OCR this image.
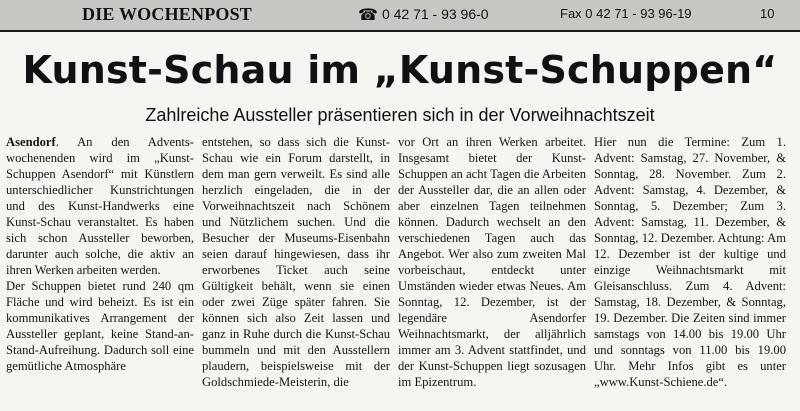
DIE WOCHENPOST	☎ 0 42 71 - 93 96-0	Fax 0 42 71 - 93 96-19	10
Kunst-Schau im „Kunst-Schuppen“
Zahlreiche Aussteller präsentieren sich in der Vorweihnachtszeit

Asendorf. An den Adventswochenenden wird im „Kunst-Schuppen Asendorf“ mit Künstlern unterschiedlicher Kunstrichtungen und des Kunst-Handwerks eine Kunst-Schau veranstaltet. Es haben sich schon Aussteller beworben, darunter auch solche, die aktiv an ihren Werken arbeiten werden.

Der Schuppen bietet rund 240 qm Fläche und wird beheizt. Es ist ein kommunikatives Arrangement der Aussteller geplant, keine Stand-an-Stand-Aufreihung. Dadurch soll eine gemütliche Atmosphäre

entstehen, so dass sich die Kunst-Schau wie ein Forum darstellt, in dem man gern verweilt. Es sind alle herzlich eingeladen, die in der Vorweihnachtszeit nach Schönem und Nützlichem suchen. Und die Besucher der Museums-Eisenbahn seien darauf hingewiesen, dass ihr erworbenes Ticket auch seine Gültigkeit behält, wenn sie einen oder zwei Züge später fahren. Sie können sich also Zeit lassen und ganz in Ruhe durch die Kunst-Schau bummeln und mit den Ausstellern plaudern, beispielsweise mit der Goldschmiede-Meisterin, die

vor Ort an ihren Werken arbeitet. Insgesamt bietet der Kunst-Schuppen an acht Tagen die Arbeiten der Aussteller dar, die an allen oder aber einzelnen Tagen teilnehmen können. Dadurch wechselt an den verschiedenen Tagen auch das Angebot. Wer also zum zweiten Mal vorbeischaut, entdeckt unter Umständen wieder etwas Neues. Am Sonntag, 12. Dezember, ist der legendäre Asendorfer Weihnachtsmarkt, der alljährlich immer am 3. Advent stattfindet, und der Kunst-Schuppen liegt sozusagen im Epizentrum.

Hier nun die Termine: Zum 1. Advent: Samstag, 27. November, & Sonntag, 28. November. Zum 2. Advent: Samstag, 4. Dezember, & Sonntag, 5. Dezember; Zum 3. Advent: Samstag, 11. Dezember, & Sonntag, 12. Dezember. Achtung: Am 12. Dezember ist der kultige und einzige Weihnachtsmarkt mit Gleisanschluss. Zum 4. Advent: Samstag, 18. Dezember, & Sonntag, 19. Dezember. Die Zeiten sind immer samstags von 14.00 bis 19.00 Uhr und sonntags von 11.00 bis 19.00 Uhr. Mehr Infos gibt es unter „www.Kunst-Schiene.de“.
